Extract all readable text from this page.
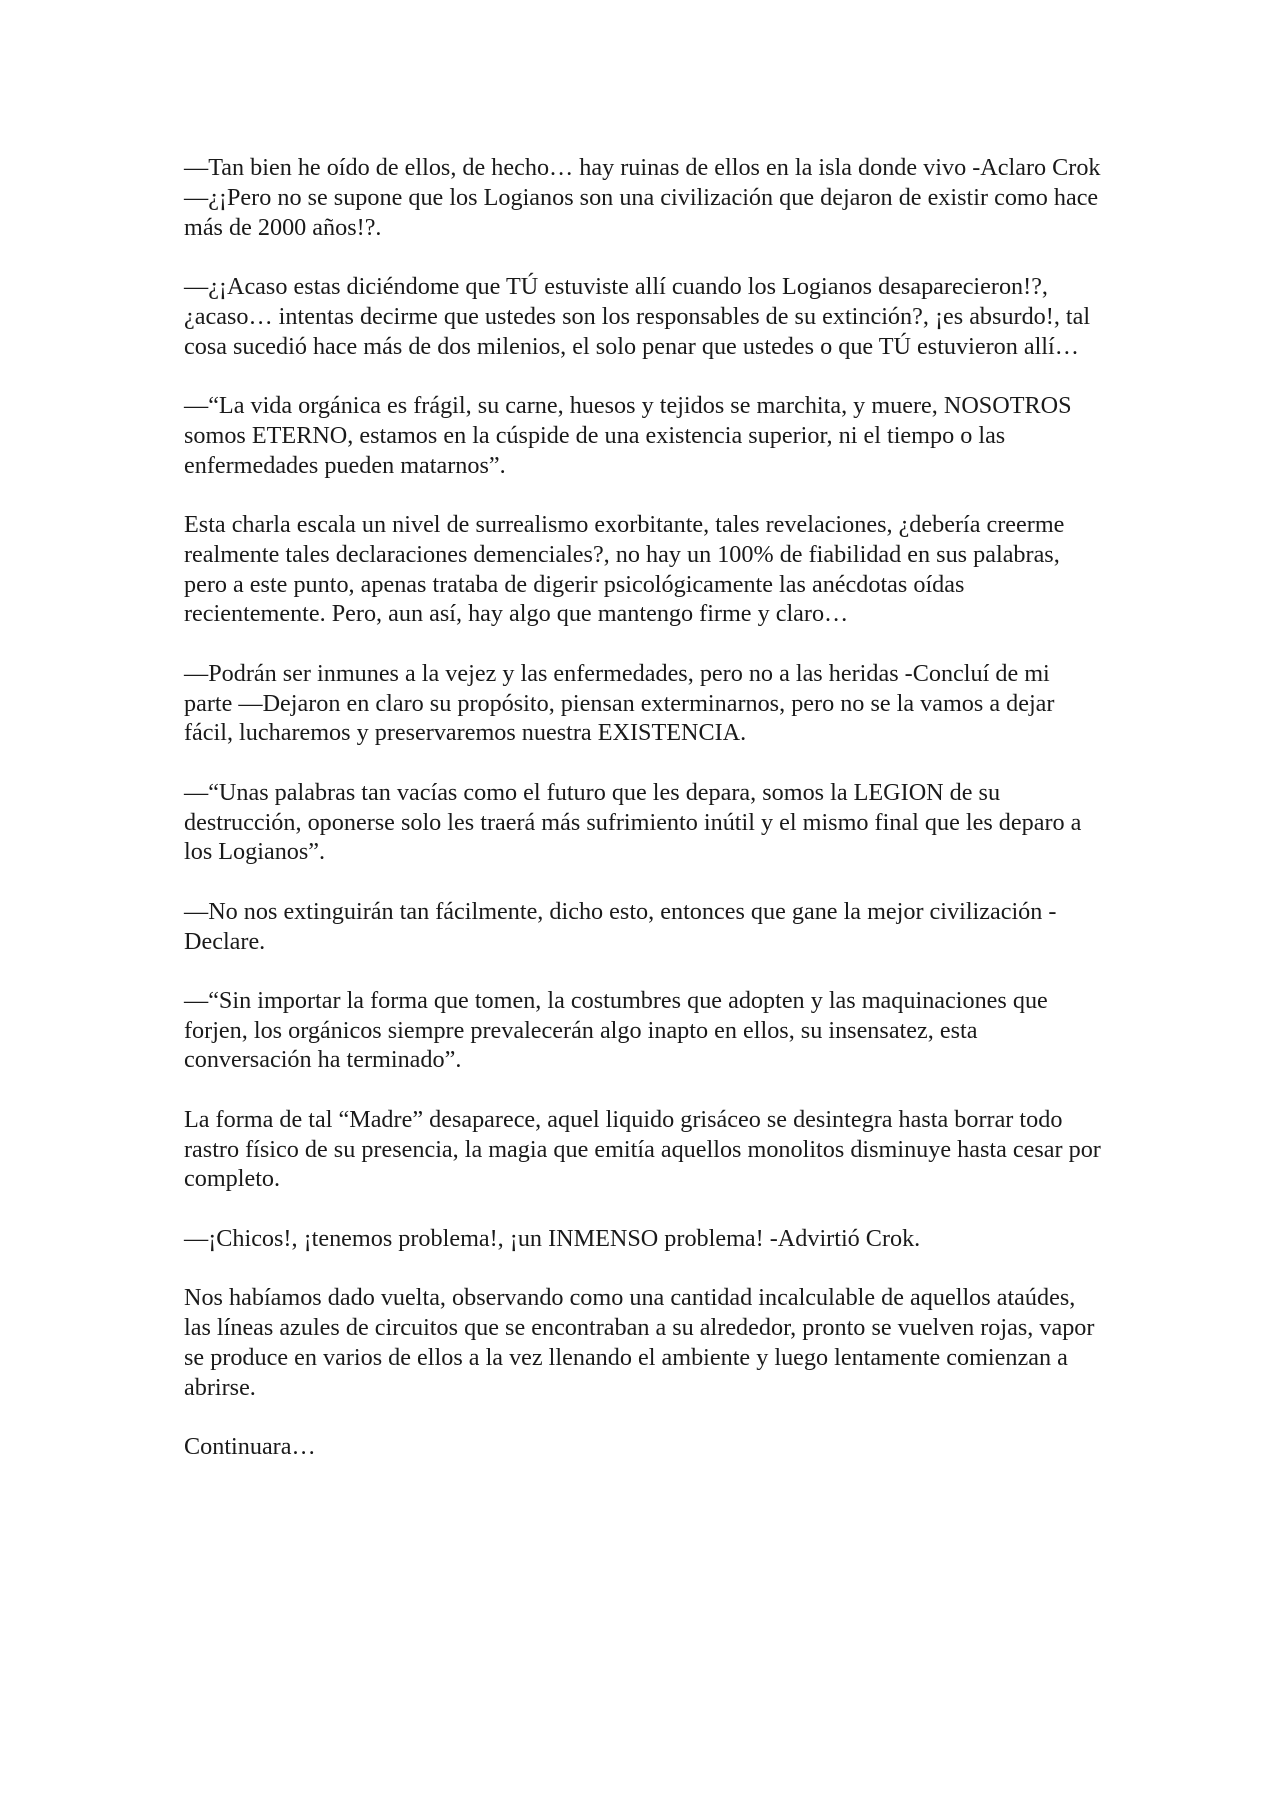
—Tan bien he oído de ellos, de hecho… hay ruinas de ellos en la isla donde vivo -Aclaro Crok —¿¡Pero no se supone que los Logianos son una civilización que dejaron de existir como hace más de 2000 años!?.

—¿¡Acaso estas diciéndome que TÚ estuviste allí cuando los Logianos desaparecieron!?, ¿acaso… intentas decirme que ustedes son los responsables de su extinción?, ¡es absurdo!, tal cosa sucedió hace más de dos milenios, el solo penar que ustedes o que TÚ estuvieron allí…

—“La vida orgánica es frágil, su carne, huesos y tejidos se marchita, y muere, NOSOTROS somos ETERNO, estamos en la cúspide de una existencia superior, ni el tiempo o las enfermedades pueden matarnos”.

Esta charla escala un nivel de surrealismo exorbitante, tales revelaciones, ¿debería creerme realmente tales declaraciones demenciales?, no hay un 100% de fiabilidad en sus palabras, pero a este punto, apenas trataba de digerir psicológicamente las anécdotas oídas recientemente. Pero, aun así, hay algo que mantengo firme y claro…

—Podrán ser inmunes a la vejez y las enfermedades, pero no a las heridas -Concluí de mi parte —Dejaron en claro su propósito, piensan exterminarnos, pero no se la vamos a dejar fácil, lucharemos y preservaremos nuestra EXISTENCIA.

—“Unas palabras tan vacías como el futuro que les depara, somos la LEGION de su destrucción, oponerse solo les traerá más sufrimiento inútil y el mismo final que les deparo a los Logianos”.

—No nos extinguirán tan fácilmente, dicho esto, entonces que gane la mejor civilización -Declare.

—“Sin importar la forma que tomen, la costumbres que adopten y las maquinaciones que forjen, los orgánicos siempre prevalecerán algo inapto en ellos, su insensatez, esta conversación ha terminado”.

La forma de tal “Madre” desaparece, aquel liquido grisáceo se desintegra hasta borrar todo rastro físico de su presencia, la magia que emitía aquellos monolitos disminuye hasta cesar por completo.

—¡Chicos!, ¡tenemos problema!, ¡un INMENSO problema! -Advirtió Crok.

Nos habíamos dado vuelta, observando como una cantidad incalculable de aquellos ataúdes, las líneas azules de circuitos que se encontraban a su alrededor, pronto se vuelven rojas, vapor se produce en varios de ellos a la vez llenando el ambiente y luego lentamente comienzan a abrirse.

Continuara…
